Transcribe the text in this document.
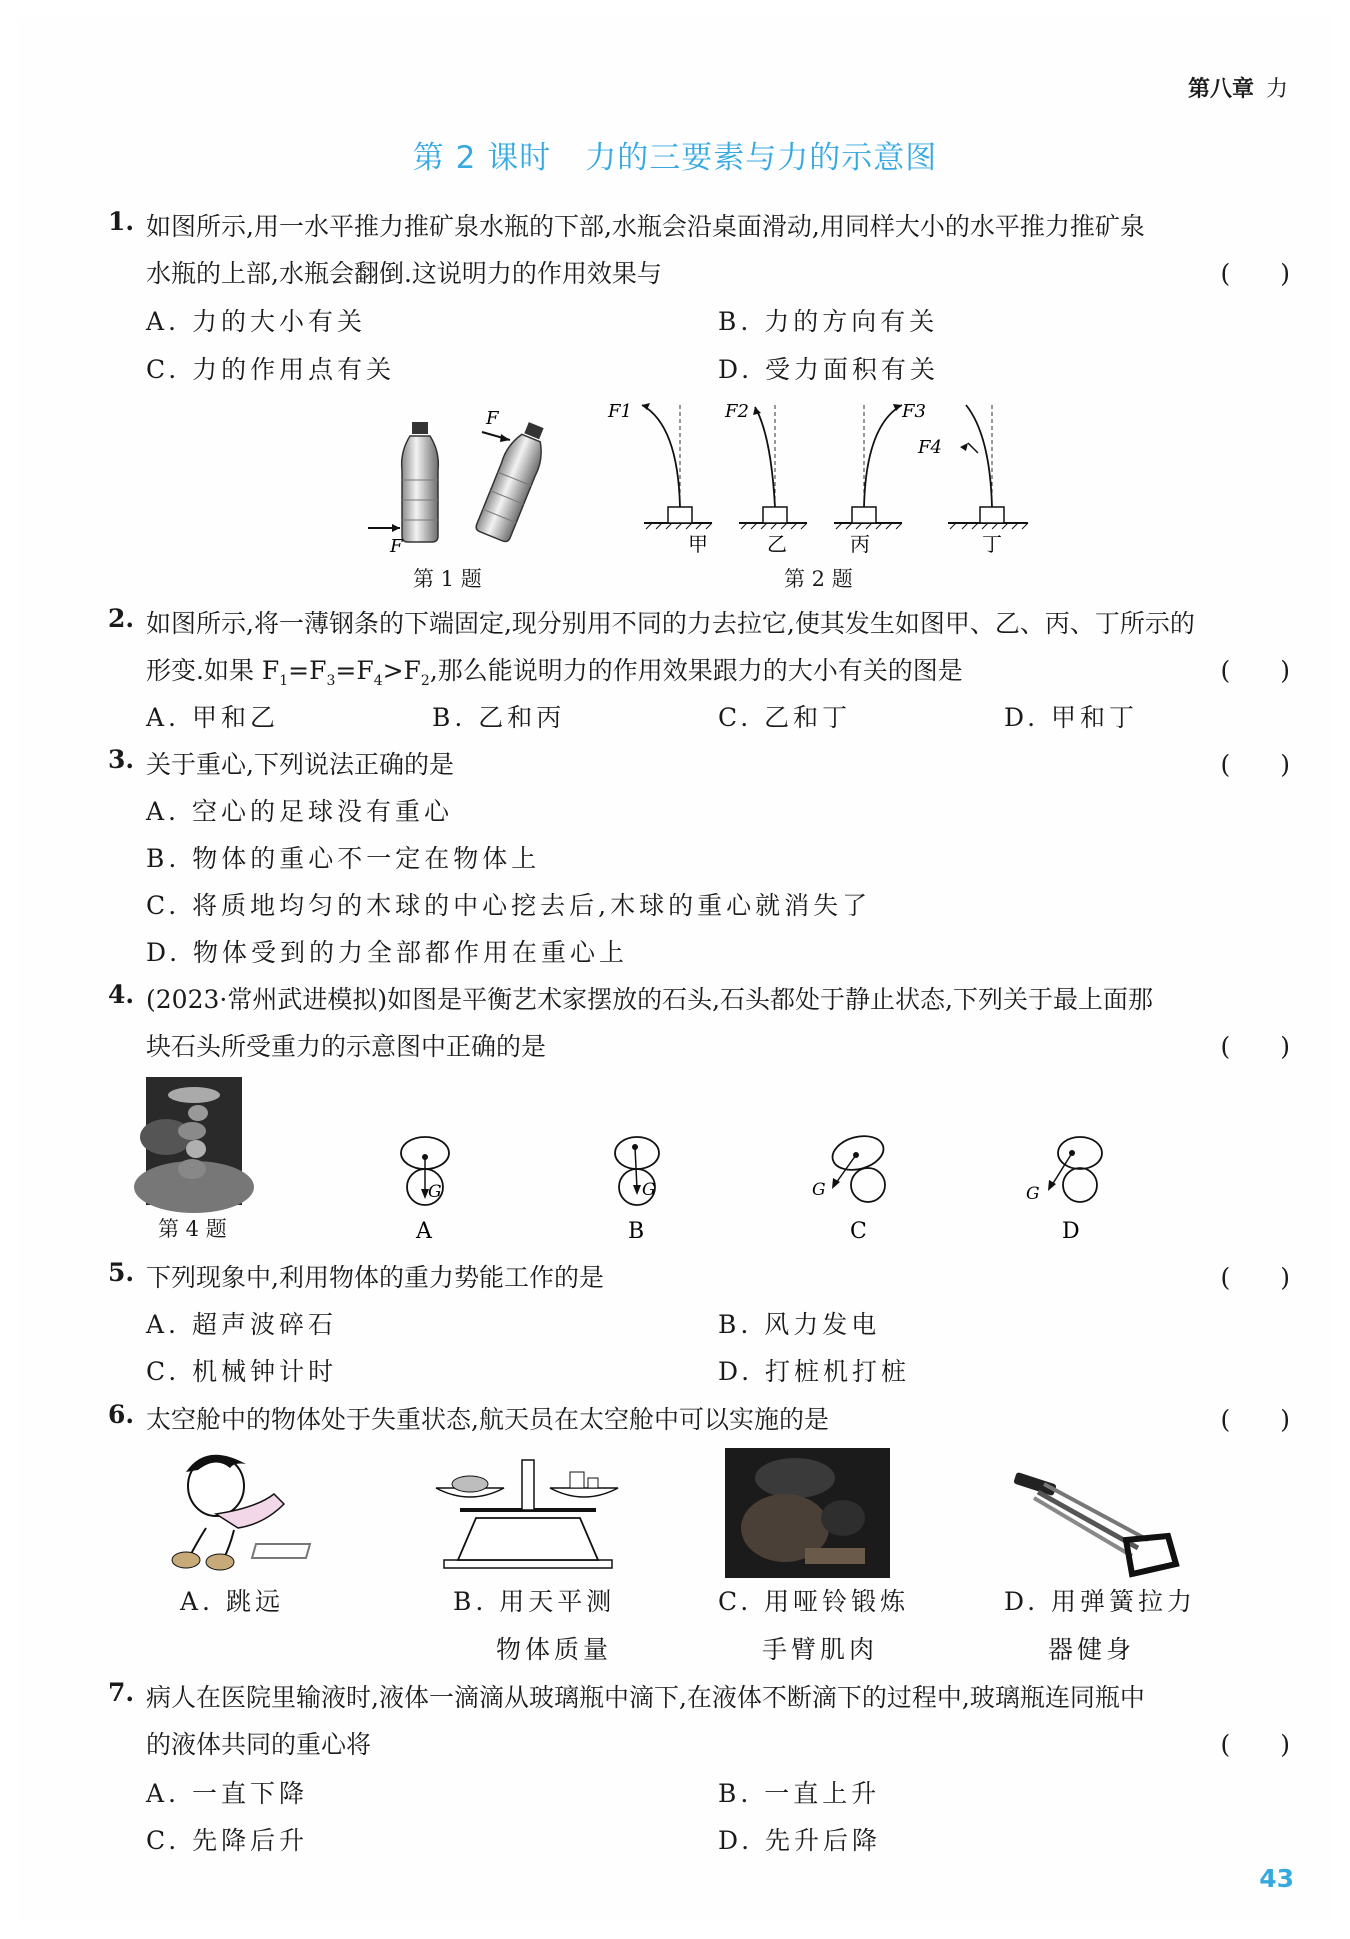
第八章 力
第 2 课时 力的三要素与力的示意图
1. 如图所示,用一水平推力推矿泉水瓶的下部,水瓶会沿桌面滑动,用同样大小的水平推力推矿泉
水瓶的上部,水瓶会翻倒.这说明力的作用效果与	(　　)
A. 力的大小有关	B. 力的方向有关
C. 力的作用点有关	D. 受力面积有关
F
F
第 1 题
F1
甲
F2
乙
F3
丙
F4
丁
第 2 题
2. 如图所示,将一薄钢条的下端固定,现分别用不同的力去拉它,使其发生如图甲、乙、丙、丁所示的
形变.如果 $F_1=F_3=F_4>F_2$,那么能说明力的作用效果跟力的大小有关的图是	(　　)
A. 甲和乙	B. 乙和丙	C. 乙和丁	D. 甲和丁
3. 关于重心,下列说法正确的是	(　　)
A. 空心的足球没有重心
B. 物体的重心不一定在物体上
C. 将质地均匀的木球的中心挖去后,木球的重心就消失了
D. 物体受到的力全部都作用在重心上
4. (2023·常州武进模拟)如图是平衡艺术家摆放的石头,石头都处于静止状态,下列关于最上面那
块石头所受重力的示意图中正确的是	(　　)
第 4 题
G
A
G
B
G
C
G
D
5. 下列现象中,利用物体的重力势能工作的是	(　　)
A. 超声波碎石	B. 风力发电
C. 机械钟计时	D. 打桩机打桩
6. 太空舱中的物体处于失重状态,航天员在太空舱中可以实施的是	(　　)
A. 跳远	B. 用天平测
物体质量
C. 用哑铃锻炼
手臂肌肉
D. 用弹簧拉力
器健身
7. 病人在医院里输液时,液体一滴滴从玻璃瓶中滴下,在液体不断滴下的过程中,玻璃瓶连同瓶中
的液体共同的重心将	(　　)
A. 一直下降	B. 一直上升
C. 先降后升	D. 先升后降
43
